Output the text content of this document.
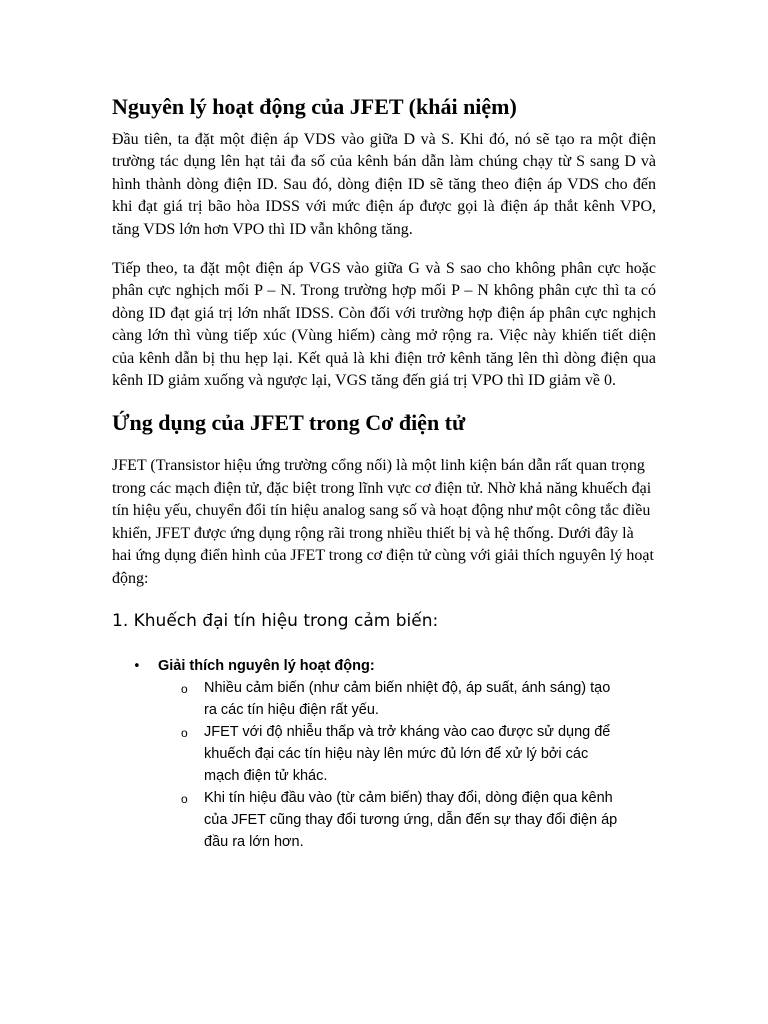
Nguyên lý hoạt động của JFET (khái niệm)

Đầu tiên, ta đặt một điện áp VDS vào giữa D và S. Khi đó, nó sẽ tạo ra một điện trường tác dụng lên hạt tải đa số của kênh bán dẫn làm chúng chạy từ S sang D và hình thành dòng điện ID. Sau đó, dòng điện ID sẽ tăng theo điện áp VDS cho đến khi đạt giá trị bão hòa IDSS với mức điện áp được gọi là điện áp thắt kênh VPO, tăng VDS lớn hơn VPO thì ID vẫn không tăng.

Tiếp theo, ta đặt một điện áp VGS vào giữa G và S sao cho không phân cực hoặc phân cực nghịch mối P – N. Trong trường hợp mối P – N không phân cực thì ta có dòng ID đạt giá trị lớn nhất IDSS. Còn đối với trường hợp điện áp phân cực nghịch càng lớn thì vùng tiếp xúc (Vùng hiếm) càng mở rộng ra. Việc này khiến tiết diện của kênh dẫn bị thu hẹp lại. Kết quả là khi điện trở kênh tăng lên thì dòng điện qua kênh ID giảm xuống và ngược lại, VGS tăng đến giá trị VPO thì ID giảm về 0.

Ứng dụng của JFET trong Cơ điện tử

JFET (Transistor hiệu ứng trường cổng nối) là một linh kiện bán dẫn rất quan trọng trong các mạch điện tử, đặc biệt trong lĩnh vực cơ điện tử. Nhờ khả năng khuếch đại tín hiệu yếu, chuyển đổi tín hiệu analog sang số và hoạt động như một công tắc điều khiển, JFET được ứng dụng rộng rãi trong nhiều thiết bị và hệ thống. Dưới đây là hai ứng dụng điển hình của JFET trong cơ điện tử cùng với giải thích nguyên lý hoạt động:

1. Khuếch đại tín hiệu trong cảm biến:
• Giải thích nguyên lý hoạt động:
o Nhiều cảm biến (như cảm biến nhiệt độ, áp suất, ánh sáng) tạo ra các tín hiệu điện rất yếu.
o JFET với độ nhiễu thấp và trở kháng vào cao được sử dụng để khuếch đại các tín hiệu này lên mức đủ lớn để xử lý bởi các mạch điện tử khác.
o Khi tín hiệu đầu vào (từ cảm biến) thay đổi, dòng điện qua kênh của JFET cũng thay đổi tương ứng, dẫn đến sự thay đổi điện áp đầu ra lớn hơn.
